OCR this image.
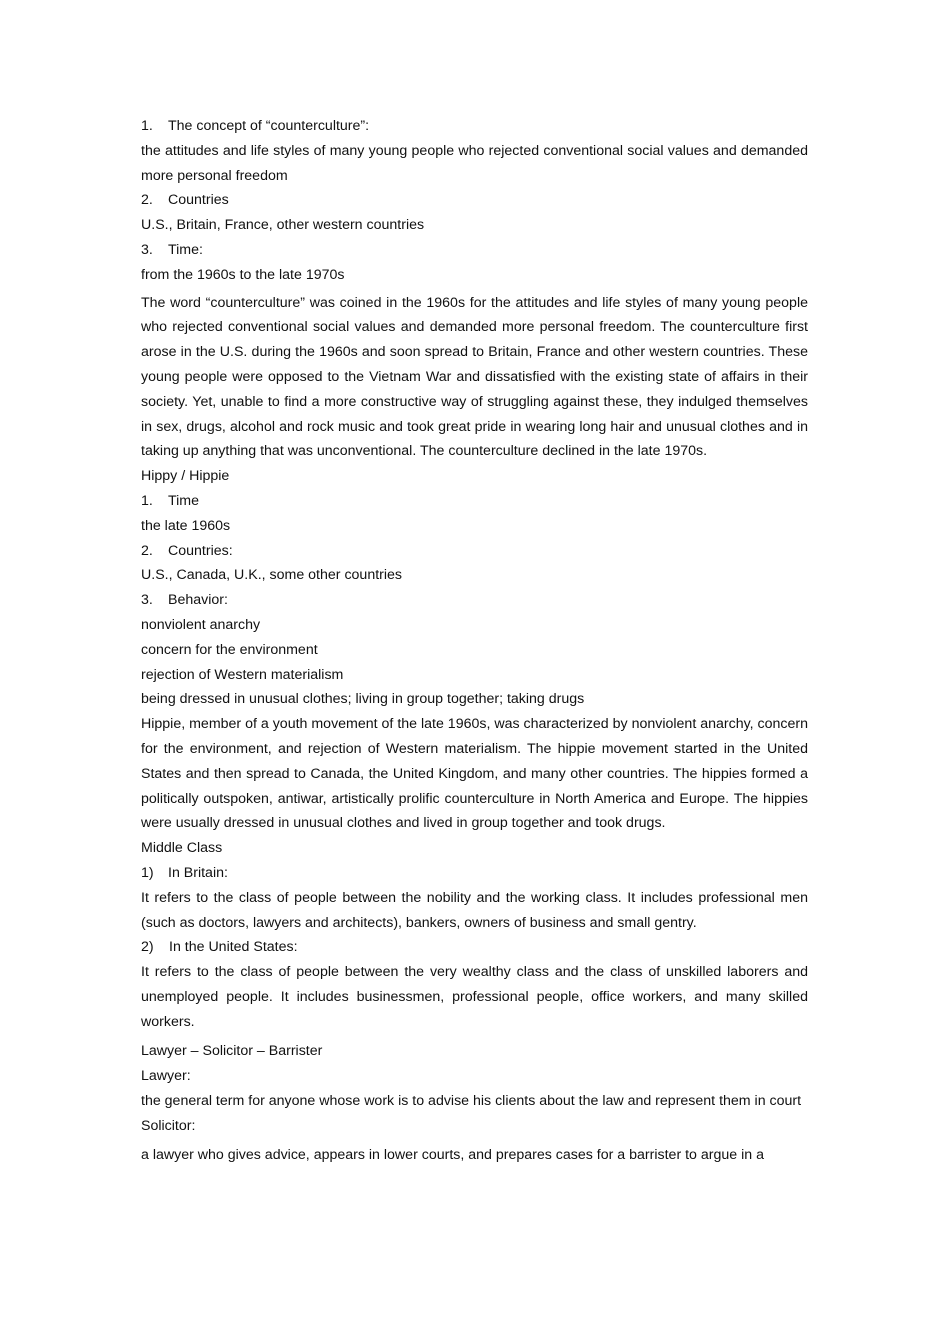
1. The concept of “counterculture”:

the attitudes and life styles of many young people who rejected conventional social values and demanded more personal freedom

2. Countries

U.S., Britain, France, other western countries

3. Time:

from the 1960s to the late 1970s

The word “counterculture” was coined in the 1960s for the attitudes and life styles of many young people who rejected conventional social values and demanded more personal freedom. The counterculture first arose in the U.S. during the 1960s and soon spread to Britain, France and other western countries. These young people were opposed to the Vietnam War and dissatisfied with the existing state of affairs in their society. Yet, unable to find a more constructive way of struggling against these, they indulged themselves in sex, drugs, alcohol and rock music and took great pride in wearing long hair and unusual clothes and in taking up anything that was unconventional. The counterculture declined in the late 1970s.

Hippy / Hippie

1. Time

the late 1960s

2. Countries:

U.S., Canada, U.K., some other countries

3. Behavior:

nonviolent anarchy

concern for the environment

rejection of Western materialism

being dressed in unusual clothes; living in group together; taking drugs

Hippie, member of a youth movement of the late 1960s, was characterized by nonviolent anarchy, concern for the environment, and rejection of Western materialism. The hippie movement started in the United States and then spread to Canada, the United Kingdom, and many other countries. The hippies formed a politically outspoken, antiwar, artistically prolific counterculture in North America and Europe. The hippies were usually dressed in unusual clothes and lived in group together and took drugs.

Middle Class

1) In Britain:

It refers to the class of people between the nobility and the working class. It includes professional men (such as doctors, lawyers and architects), bankers, owners of business and small gentry.

2) In the United States:

It refers to the class of people between the very wealthy class and the class of unskilled laborers and unemployed people. It includes businessmen, professional people, office workers, and many skilled workers.

Lawyer – Solicitor – Barrister

Lawyer:

the general term for anyone whose work is to advise his clients about the law and represent them in court

Solicitor:

a lawyer who gives advice, appears in lower courts, and prepares cases for a barrister to argue in a
